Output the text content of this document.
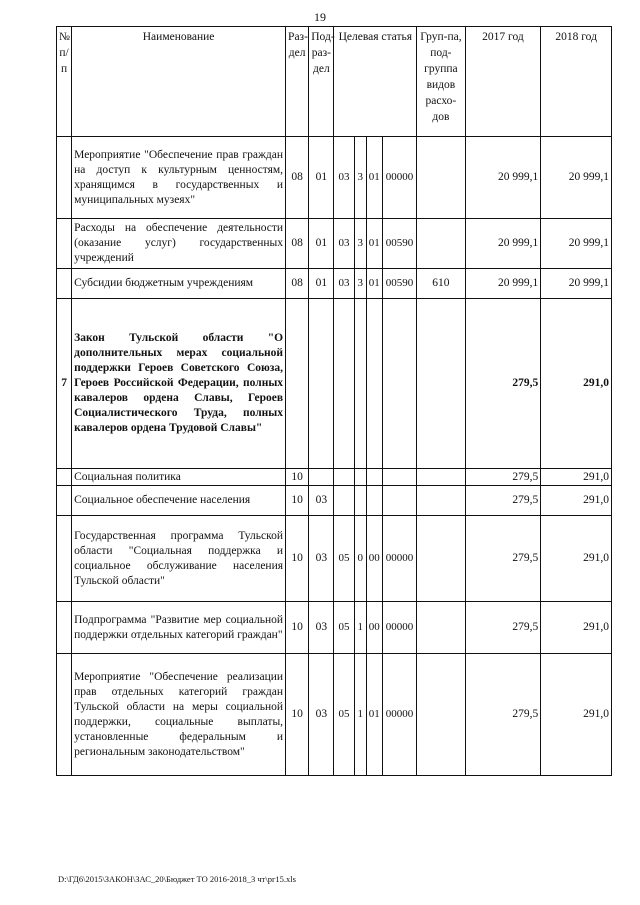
19
№ п/ п	Наименование	Раз-дел	Под-раз-дел	Целевая статья				Груп-па, под-группа видов расхо-дов	2017 год	2018 год
	Мероприятие "Обеспечение прав граждан на доступ к культурным ценностям, хранящимся в государственных и муниципальных музеях"	08	01	03	3	01	00000		20 999,1	20 999,1
	Расходы на обеспечение деятельности (оказание услуг) государственных учреждений	08	01	03	3	01	00590		20 999,1	20 999,1
	Субсидии бюджетным учреждениям	08	01	03	3	01	00590	610	20 999,1	20 999,1
7	Закон Тульской области "О дополнительных мерах социальной поддержки Героев Советского Союза, Героев Российской Федерации, полных кавалеров ордена Славы, Героев Социалистического Труда, полных кавалеров ордена Трудовой Славы"								279,5	291,0
	Социальная политика	10							279,5	291,0
	Социальное обеспечение населения	10	03						279,5	291,0
	Государственная программа Тульской области "Социальная поддержка и социальное обслуживание населения Тульской области"	10	03	05	0	00	00000		279,5	291,0
	Подпрограмма "Развитие мер социальной поддержки отдельных категорий граждан"	10	03	05	1	00	00000		279,5	291,0
	Мероприятие "Обеспечение реализации прав отдельных категорий граждан Тульской области на меры социальной поддержки, социальные выплаты, установленные федеральным и региональным законодательством"	10	03	05	1	01	00000		279,5	291,0
D:\ГД6\2015\ЗАКОН\ЗАС_20\Бюджет ТО 2016-2018_3 чт\рг15.xls
